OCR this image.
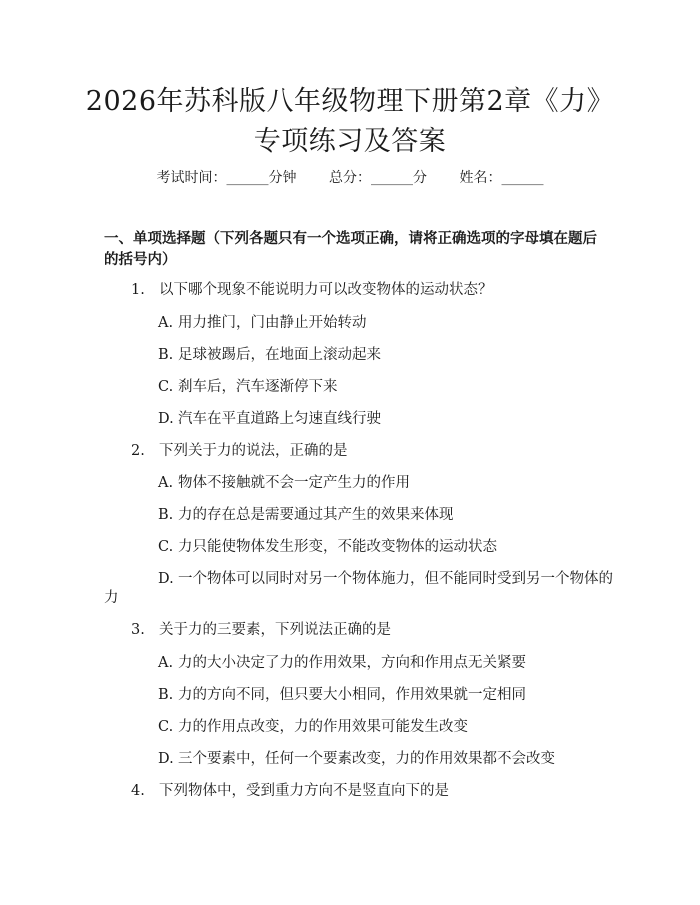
2026年苏科版八年级物理下册第2章《力》
专项练习及答案
考试时间：______分钟 总分：______分 姓名：______
一、单项选择题（下列各题只有一个选项正确，请将正确选项的字母填在题后的括号内）
1. 以下哪个现象不能说明力可以改变物体的运动状态？
A. 用力推门，门由静止开始转动
B. 足球被踢后，在地面上滚动起来
C. 刹车后，汽车逐渐停下来
D. 汽车在平直道路上匀速直线行驶
2. 下列关于力的说法，正确的是
A. 物体不接触就不会一定产生力的作用
B. 力的存在总是需要通过其产生的效果来体现
C. 力只能使物体发生形变，不能改变物体的运动状态
D. 一个物体可以同时对另一个物体施力，但不能同时受到另一个物体的
力
3. 关于力的三要素，下列说法正确的是
A. 力的大小决定了力的作用效果，方向和作用点无关紧要
B. 力的方向不同，但只要大小相同，作用效果就一定相同
C. 力的作用点改变，力的作用效果可能发生改变
D. 三个要素中，任何一个要素改变，力的作用效果都不会改变
4. 下列物体中，受到重力方向不是竖直向下的是
